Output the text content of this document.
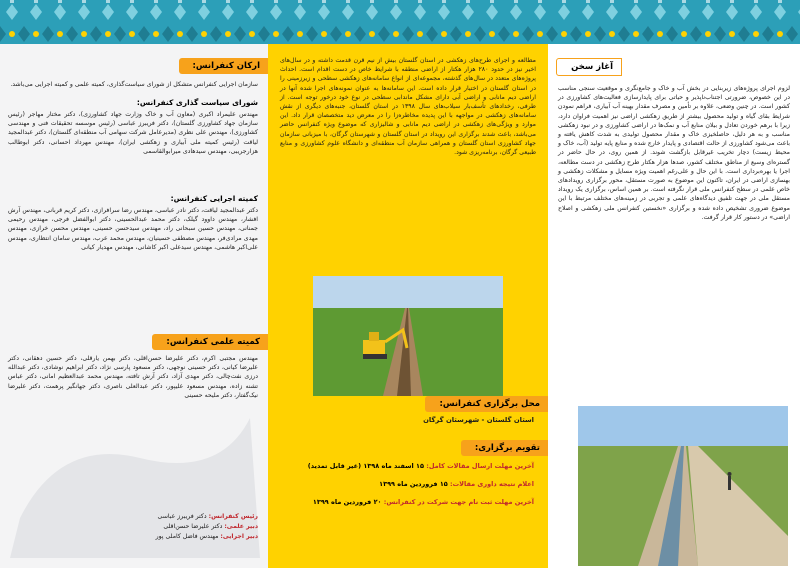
آغاز سخن
لزوم اجرای پروژه‌های زیربنایی در بخش آب و خاک و جامع‌نگری و موقعیت سنجی مناسب در این خصوص، ضرورتی اجتناب‌ناپذیر و حیاتی برای پایدارسازی فعالیت‌های کشاورزی در کشور است. در چنین وضعی، علاوه بر تأمین و مصرف مقدار بهینه آب آبیاری، فراهم نمودن شرایط بقای گیاه و تولید محصول بیشتر از طریق زهکشی اراضی نیز اهمیت فراوان دارد، زیرا با برهم خوردن تعادل و بیلان منابع آب و نمک‌ها در اراضی کشاورزی و در نبود زهکشی مناسب و به هر دلیل، حاصلخیزی خاک و مقدار محصول تولیدی به شدت کاهش یافته و باعث می‌شود کشاورزی از حالت اقتصادی و پایدار خارج شده و منابع پایه تولید (آب، خاک و محیط زیست) دچار تخریب غیرقابل بازگشت شوند. از همین روی، در حال حاضر در گستره‌ای وسیع از مناطق مختلف کشور، صدها هزار هکتار طرح زهکشی در دست مطالعه، اجرا یا بهره‌برداری است. با این حال و علی‌رغم اهمیت ویژه مسایل و مشکلات زهکشی و بهسازی اراضی در ایران، تاکنون این موضوع به صورت مستقل، محور برگزاری رویدادهای خاص علمی در سطح کنفرانس ملی قرار نگرفته است. بر همین اساس، برگزاری یک رویداد مستقل ملی در جهت تلفیق دیدگاه‌های علمی و تجربی در زمینه‌های مختلف مرتبط با این موضوع ضروری تشخیص داده شده و برگزاری «نخستین کنفرانس ملی زهکشی و اصلاح اراضی» در دستور کار قرار گرفت.
مطالعه و اجرای طرح‌های زهکشی در استان گلستان بیش از نیم قرن قدمت داشته و در سال‌های اخیر نیز در حدود ۲۸۰ هزار هکتار از اراضی منطقه با شرایط خاص در دست اقدام است. احداث پروژه‌های متعدد در سال‌های گذشته، مجموعه‌ای از انواع سامانه‌های زهکشی سطحی و زیرزمینی را در استان گلستان در اختیار قرار داده است. این سامانه‌ها به عنوان نمونه‌های اجرا شده آنها در اراضی دیم مانابی و اراضی آبی دارای مشکل ماندابی سطحی در نوع خود درخور توجه است. از طرفی، رخدادهای تأسف‌بار سیلاب‌های سال ۱۳۹۸ در استان گلستان، جنبه‌های دیگری از نقش سامانه‌های زهکشی در مواجهه با این پدیده مخاطره‌زا را در معرض دید متخصصان قرار داد. این موارد و ویژگی‌های زهکشی در اراضی دیم مانابی و شالیزاری که موضوع ویژه کنفرانس حاضر می‌باشد، باعث شدند برگزاری این رویداد در استان گلستان و شهرستان گرگان، با میزبانی سازمان جهاد کشاورزی استان گلستان و همراهی سازمان آب منطقه‌ای و دانشگاه علوم کشاورزی و منابع طبیعی گرگان، برنامه‌ریزی شود.
محل برگزاری کنفرانس:
استان گلستان - شهرستان گرگان
تقویم برگزاری:
آخرین مهلت ارسال مقالات کامل: ۱۵ اسفند ماه ۱۳۹۸ (غیر قابل تمدید)
اعلام نتیجه داوری مقالات: ۱۵ فروردین ماه ۱۳۹۹
آخرین مهلت ثبت نام جهت شرکت در کنفرانس: ۲۰ فروردین ماه ۱۳۹۹
ارکان کنفرانس:
سازمان اجرایی کنفرانس متشکل از شورای سیاست‌گذاری، کمیته علمی و کمیته اجرایی می‌باشد.
شورای سیاست گذاری کنفرانس:
مهندس علیمراد اکبری (معاون آب و خاک وزارت جهاد کشاورزی)، دکتر مختار مهاجر (رئیس سازمان جهاد کشاورزی گلستان)، دکتر فریبرز عباسی (رئیس موسسه تحقیقات فنی و مهندسی کشاورزی)، مهندس علی نظری (مدیرعامل شرکت سهامی آب منطقه‌ای گلستان)، دکتر عبدالمجید لیاقت (رئیس کمیته ملی آبیاری و زهکشی ایران)، مهندس مهرداد احسانی، دکتر ابوطالب هزارجریبی، مهندس سیدهادی میرابوالقاسمی
کمیته اجرایی کنفرانس:
دکتر عبدالمجید لیاقت، دکتر نادر عباسی، مهندس رضا سرافرازی، دکتر کریم قربانی، مهندس آرش افشار، مهندس داوود گیلک، دکتر محمد عبدالحسینی، دکتر ابوالفضل فرجی، مهندس رحیمی جمنانی، مهندس حسین سبحانی راد، مهندس سیدحسن حسینی، مهندس محسن خرازی، مهندس مهدی مرادی‌فر، مهندس مصطفی حسینیان، مهندس محمد عرب، مهندس سامان انتظاری، مهندس علی‌اکبر هاشمی، مهندس سیدعلی اکبر کاشانی، مهندس مهدیار کیانی
کمیته علمی کنفرانس:
مهندس مجتبی اکرم، دکتر علیرضا حسن‌اقلی، دکتر بهمن یارقلی، دکتر حسین دهقانی، دکتر علیرضا کیانی، دکتر حسینی نوجهی، دکتر مسعود پارسی نژاد، دکتر ابراهیم نوشادی، دکتر عبدالله درزی نفت‌چالی، دکتر مهدی آزاد، دکتر آرش تافته، مهندس محمد عبدالعظیم امانی، دکتر عباس تشنه زاده، مهندس مسعود علیپور، دکتر عبدالعلی ناصری، دکتر جهانگیر پرهمت، دکتر علیرضا نیک‌گفتار، دکتر ملیحه حسینی
رئیس کنفرانس: دکتر فریبرز عباسی
دبیر علمی: دکتر علیرضا حسن‌اقلی
دبیر اجرایی: مهندس فاضل کاملی پور
